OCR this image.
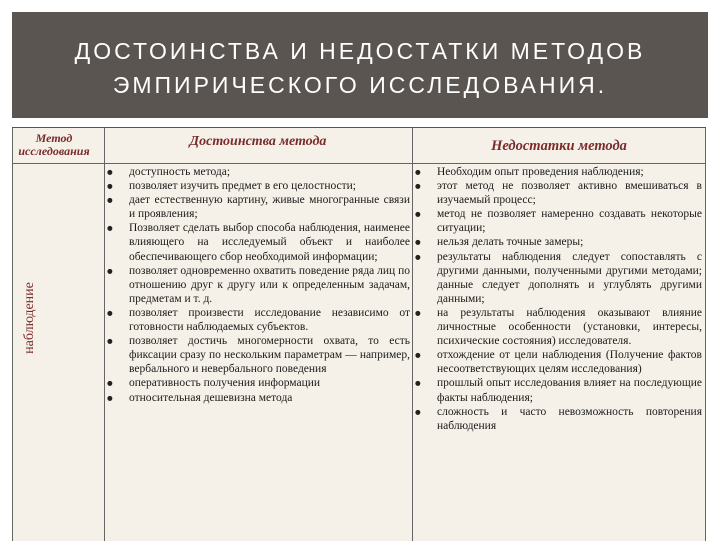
ДОСТОИНСТВА И НЕДОСТАТКИ МЕТОДОВ
ЭМПИРИЧЕСКОГО ИССЛЕДОВАНИЯ.
Метод
исследования
Достоинства метода	Недостатки метода
наблюдение
● доступность метода;
● позволяет изучить предмет в его целостности;
● дает естественную картину, живые многогранные связи и проявления;
● Позволяет сделать выбор способа наблюдения, наименее влияющего на исследуемый объект и наиболее обеспечивающего сбор необходимой информации;
● позволяет одновременно охватить поведение ряда лиц по отношению друг к другу или к определенным задачам, предметам и т. д.
● позволяет произвести исследование независимо от готовности наблюдаемых субъектов.
● позволяет достичь многомерности охвата, то есть фиксации сразу по нескольким параметрам — например, вербального и невербального поведения
● оперативность получения информации
● относительная дешевизна метода
● Необходим опыт проведения наблюдения;
● этот метод не позволяет активно вмешиваться в изучаемый процесс;
● метод не позволяет намеренно создавать некоторые ситуации;
● нельзя делать точные замеры;
● результаты наблюдения следует сопоставлять с другими данными, полученными другими методами; данные следует дополнять и углублять другими данными;
● на результаты наблюдения оказывают влияние личностные особенности (установки, интересы, психические состояния) исследователя.
● отхождение от цели наблюдения (Получение фактов несоответствующих целям исследования)
● прошлый опыт исследования влияет на последующие факты наблюдения;
● сложность и часто невозможность повторения наблюдения
